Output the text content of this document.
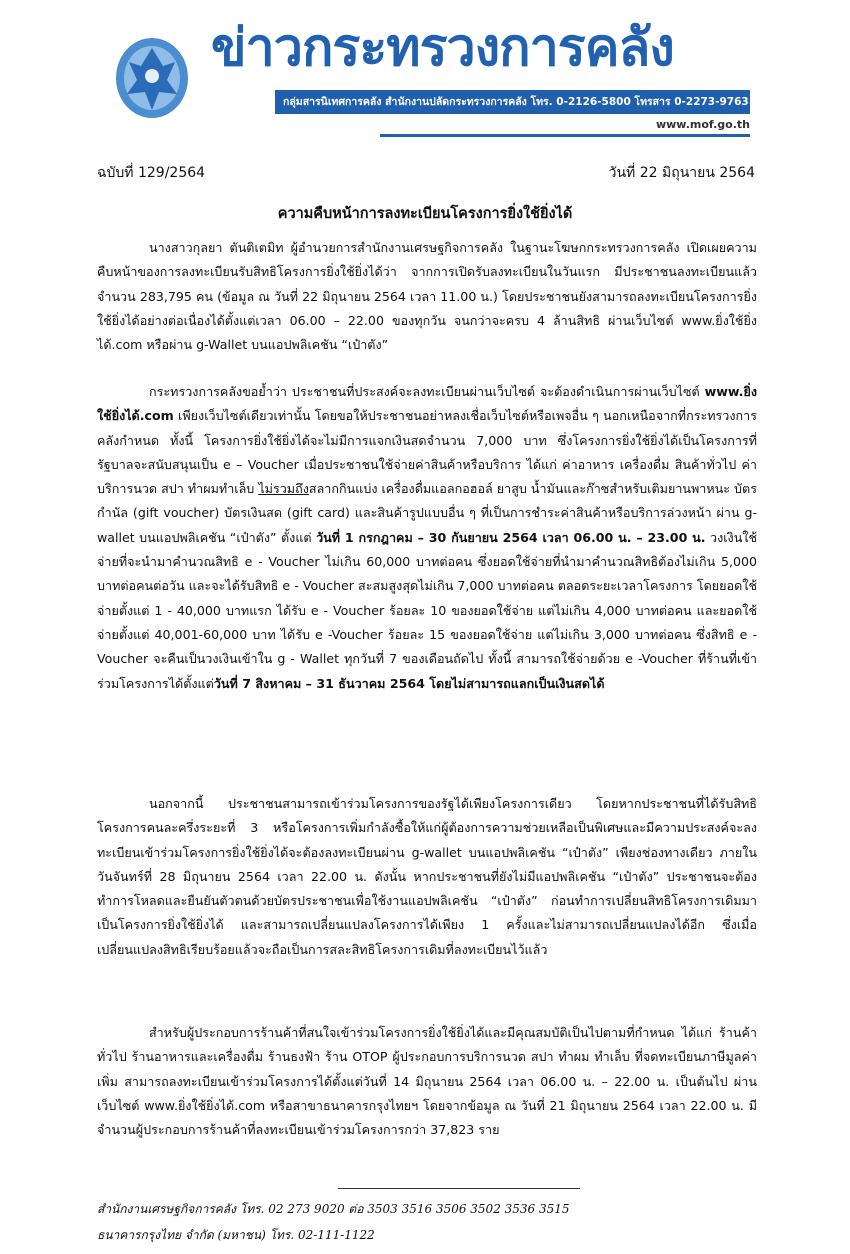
ข่าวกระทรวงการคลัง
กลุ่มสารนิเทศการคลัง สำนักงานปลัดกระทรวงการคลัง โทร. 0-2126-5800 โทรสาร 0-2273-9763
www.mof.go.th
ฉบับที่ 129/2564	วันที่ 22 มิถุนายน 2564
ความคืบหน้าการลงทะเบียนโครงการยิ่งใช้ยิ่งได้

นางสาวกุลยา ตันติเตมิท ผู้อำนวยการสำนักงานเศรษฐกิจการคลัง ในฐานะโฆษกกระทรวงการคลัง เปิดเผยความคืบหน้าของการลงทะเบียนรับสิทธิโครงการยิ่งใช้ยิ่งได้ว่า จากการเปิดรับลงทะเบียนในวันแรก มีประชาชนลงทะเบียนแล้วจำนวน 283,795 คน (ข้อมูล ณ วันที่ 22 มิถุนายน 2564 เวลา 11.00 น.) โดยประชาชนยังสามารถลงทะเบียนโครงการยิ่งใช้ยิ่งได้อย่างต่อเนื่องได้ตั้งแต่เวลา 06.00 – 22.00 ของทุกวัน จนกว่าจะครบ 4 ล้านสิทธิ ผ่านเว็บไซต์ www.ยิ่งใช้ยิ่งได้.com หรือผ่าน g-Wallet บนแอปพลิเคชัน “เป๋าตัง”

กระทรวงการคลังขอย้ำว่า ประชาชนที่ประสงค์จะลงทะเบียนผ่านเว็บไซต์ จะต้องดำเนินการผ่านเว็บไซต์ www.ยิ่งใช้ยิ่งได้.com เพียงเว็บไซต์เดียวเท่านั้น โดยขอให้ประชาชนอย่าหลงเชื่อเว็บไซต์หรือเพจอื่น ๆ นอกเหนือจากที่กระทรวงการคลังกำหนด ทั้งนี้ โครงการยิ่งใช้ยิ่งได้จะไม่มีการแจกเงินสดจำนวน 7,000 บาท ซึ่งโครงการยิ่งใช้ยิ่งได้เป็นโครงการที่รัฐบาลจะสนับสนุนเป็น e – Voucher เมื่อประชาชนใช้จ่ายค่าสินค้าหรือบริการ ได้แก่ ค่าอาหาร เครื่องดื่ม สินค้าทั่วไป ค่าบริการนวด สปา ทำผมทำเล็บ ไม่รวมถึงสลากกินแบ่ง เครื่องดื่มแอลกอฮอล์ ยาสูบ น้ำมันและก๊าซสำหรับเติมยานพาหนะ บัตรกำนัล (gift voucher) บัตรเงินสด (gift card) และสินค้ารูปแบบอื่น ๆ ที่เป็นการชำระค่าสินค้าหรือบริการล่วงหน้า ผ่าน g-wallet บนแอปพลิเคชัน “เป๋าตัง” ตั้งแต่ วันที่ 1 กรกฎาคม – 30 กันยายน 2564 เวลา 06.00 น. – 23.00 น. วงเงินใช้จ่ายที่จะนำมาคำนวณสิทธิ e - Voucher ไม่เกิน 60,000 บาทต่อคน ซึ่งยอดใช้จ่ายที่นำมาคำนวณสิทธิต้องไม่เกิน 5,000 บาทต่อคนต่อวัน และจะได้รับสิทธิ e - Voucher สะสมสูงสุดไม่เกิน 7,000 บาทต่อคน ตลอดระยะเวลาโครงการ โดยยอดใช้จ่ายตั้งแต่ 1 - 40,000 บาทแรก ได้รับ e - Voucher ร้อยละ 10 ของยอดใช้จ่าย แต่ไม่เกิน 4,000 บาทต่อคน และยอดใช้จ่ายตั้งแต่ 40,001-60,000 บาท ได้รับ e -Voucher ร้อยละ 15 ของยอดใช้จ่าย แต่ไม่เกิน 3,000 บาทต่อคน ซึ่งสิทธิ e -Voucher จะคืนเป็นวงเงินเข้าใน g - Wallet ทุกวันที่ 7 ของเดือนถัดไป ทั้งนี้ สามารถใช้จ่ายด้วย e -Voucher ที่ร้านที่เข้าร่วมโครงการได้ตั้งแต่วันที่ 7 สิงหาคม – 31 ธันวาคม 2564 โดยไม่สามารถแลกเป็นเงินสดได้

นอกจากนี้ ประชาชนสามารถเข้าร่วมโครงการของรัฐได้เพียงโครงการเดียว โดยหากประชาชนที่ได้รับสิทธิโครงการคนละครึ่งระยะที่ 3 หรือโครงการเพิ่มกำลังซื้อให้แก่ผู้ต้องการความช่วยเหลือเป็นพิเศษและมีความประสงค์จะลงทะเบียนเข้าร่วมโครงการยิ่งใช้ยิ่งได้จะต้องลงทะเบียนผ่าน g-wallet บนแอปพลิเคชัน “เป๋าตัง” เพียงช่องทางเดียว ภายในวันจันทร์ที่ 28 มิถุนายน 2564 เวลา 22.00 น. ดังนั้น หากประชาชนที่ยังไม่มีแอปพลิเคชัน “เป๋าตัง” ประชาชนจะต้องทำการโหลดและยืนยันตัวตนด้วยบัตรประชาชนเพื่อใช้งานแอปพลิเคชัน “เป๋าตัง” ก่อนทำการเปลี่ยนสิทธิโครงการเดิมมาเป็นโครงการยิ่งใช้ยิ่งได้ และสามารถเปลี่ยนแปลงโครงการได้เพียง 1 ครั้งและไม่สามารถเปลี่ยนแปลงได้อีก ซึ่งเมื่อเปลี่ยนแปลงสิทธิเรียบร้อยแล้วจะถือเป็นการสละสิทธิโครงการเดิมที่ลงทะเบียนไว้แล้ว

สำหรับผู้ประกอบการร้านค้าที่สนใจเข้าร่วมโครงการยิ่งใช้ยิ่งได้และมีคุณสมบัติเป็นไปตามที่กำหนด ได้แก่ ร้านค้าทั่วไป ร้านอาหารและเครื่องดื่ม ร้านธงฟ้า ร้าน OTOP ผู้ประกอบการบริการนวด สปา ทำผม ทำเล็บ ที่จดทะเบียนภาษีมูลค่าเพิ่ม สามารถลงทะเบียนเข้าร่วมโครงการได้ตั้งแต่วันที่ 14 มิถุนายน 2564 เวลา 06.00 น. – 22.00 น. เป็นต้นไป ผ่านเว็บไซต์ www.ยิ่งใช้ยิ่งได้.com หรือสาขาธนาคารกรุงไทยฯ โดยจากข้อมูล ณ วันที่ 21 มิถุนายน 2564 เวลา 22.00 น. มีจำนวนผู้ประกอบการร้านค้าที่ลงทะเบียนเข้าร่วมโครงการกว่า 37,823 ราย

สำนักงานเศรษฐกิจการคลัง โทร. 02 273 9020 ต่อ 3503 3516 3506 3502 3536 3515
ธนาคารกรุงไทย จำกัด (มหาชน) โทร. 02-111-1122
